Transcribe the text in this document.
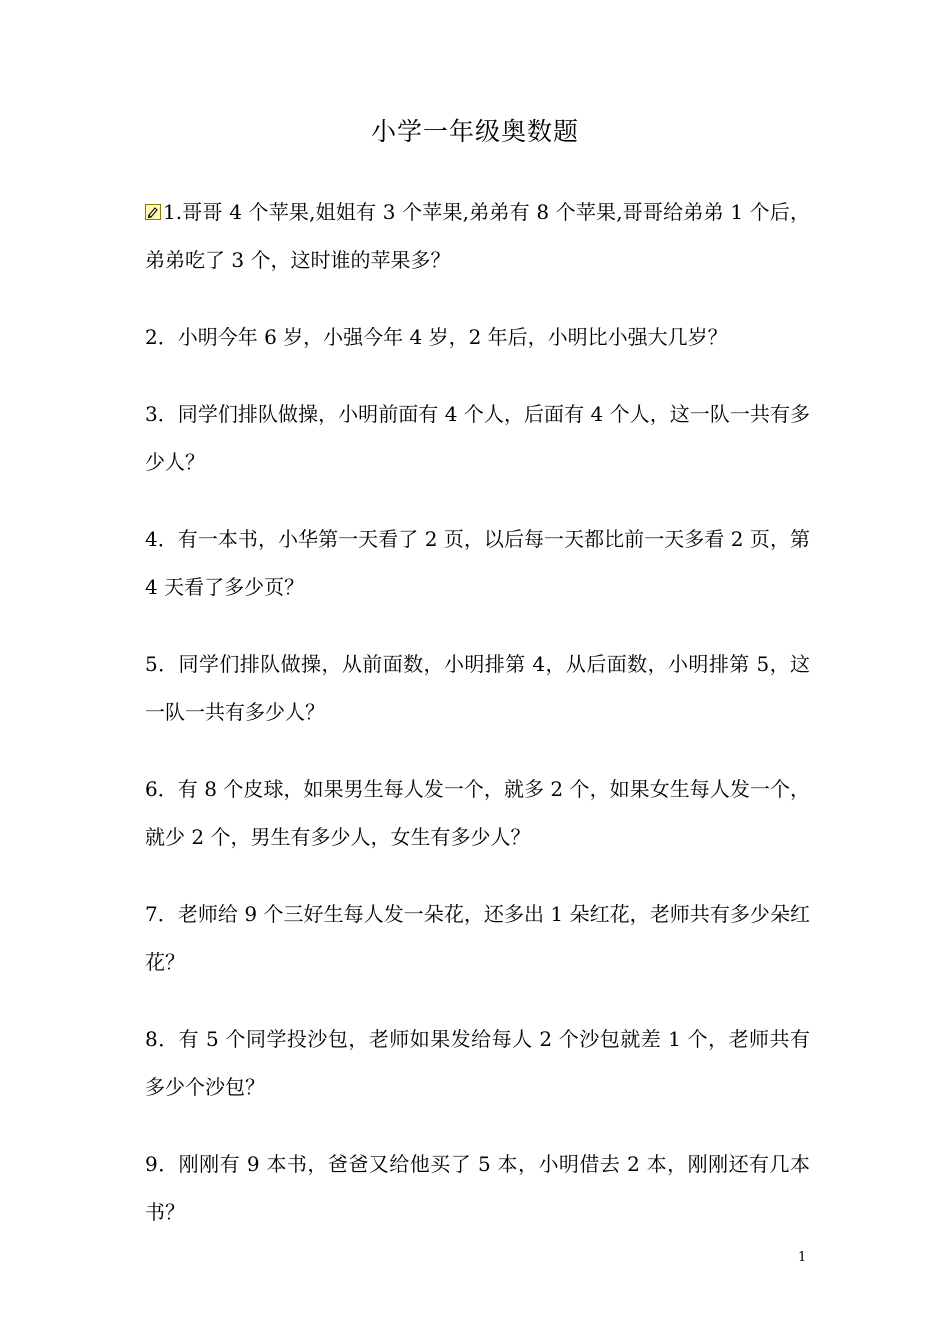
小学一年级奥数题

1.哥哥 4 个苹果,姐姐有 3 个苹果,弟弟有 8 个苹果,哥哥给弟弟 1 个后，弟弟吃了 3 个，这时谁的苹果多？

2．小明今年 6 岁，小强今年 4 岁，2 年后，小明比小强大几岁？

3．同学们排队做操，小明前面有 4 个人，后面有 4 个人，这一队一共有多少人？

4．有一本书，小华第一天看了 2 页，以后每一天都比前一天多看 2 页，第 4 天看了多少页？

5．同学们排队做操，从前面数，小明排第 4，从后面数，小明排第 5，这一队一共有多少人？

6．有 8 个皮球，如果男生每人发一个，就多 2 个，如果女生每人发一个，就少 2 个，男生有多少人，女生有多少人？

7．老师给 9 个三好生每人发一朵花，还多出 1 朵红花，老师共有多少朵红花？

8．有 5 个同学投沙包，老师如果发给每人 2 个沙包就差 1 个，老师共有多少个沙包？

9．刚刚有 9 本书，爸爸又给他买了 5 本，小明借去 2 本，刚刚还有几本书？

1
